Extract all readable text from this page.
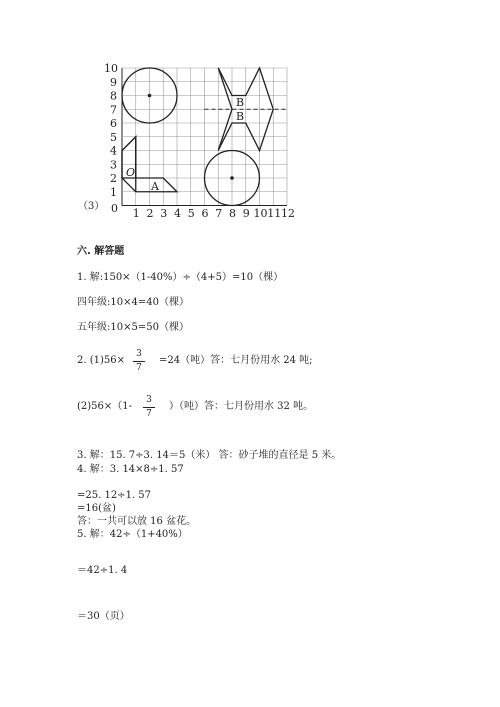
1
2
3
4
5
6
7
8
9
10
1 2 3 4 5 6 7 8 9 10 11 12
B
B
O
A
0
（3）
六. 解答题
1. 解:150×（1-40%）÷（4+5）=10（棵）
四年级:10×4=40（棵）
五年级:10×5=50（棵）
2. (1)56×
3
7
=24（吨）答：七月份用水 24 吨;
(2)56×（1-
3
7
）（吨）答：七月份用水 32 吨。
3. 解：15. 7÷3. 14＝5（米） 答：砂子堆的直径是 5 米。
4. 解：3. 14×8÷1. 57
=25. 12÷1. 57
=16(盆)
答：一共可以放 16 盆花。
5. 解：42÷（1+40%）
＝42÷1. 4
＝30（页）
